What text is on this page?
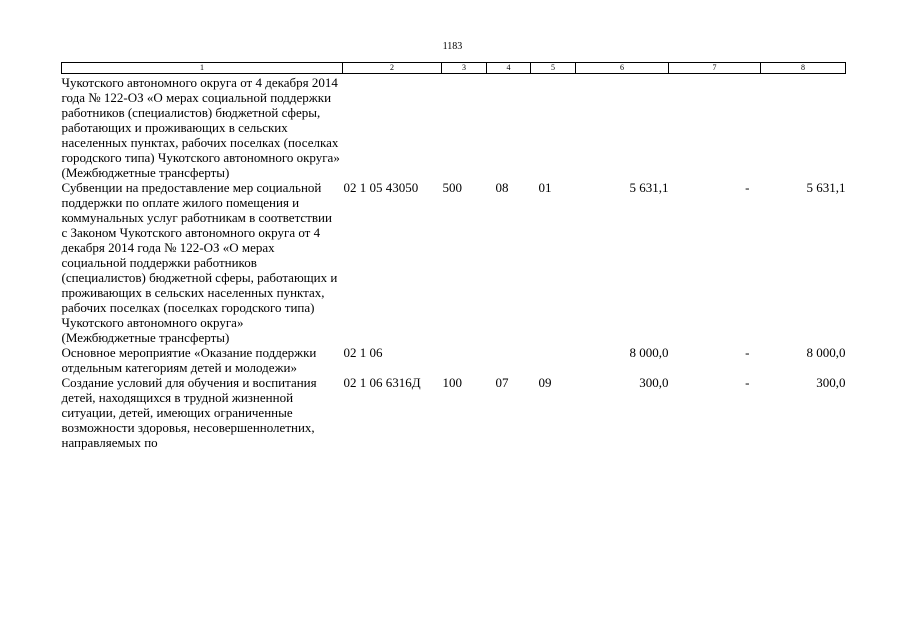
1183
1	2	3	4	5	6	7	8
Чукотского автономного округа от 4 декабря 2014 года № 122-ОЗ «О мерах социальной поддержки работников (специалистов) бюджетной сферы, работающих и проживающих в сельских населенных пунктах, рабочих поселках (поселках городского типа) Чукотского автономного округа» (Межбюджетные трансферты)							
Субвенции на предоставление мер социальной поддержки по оплате жилого помещения и коммунальных услуг работникам в соответствии с Законом Чукотского автономного округа от 4 декабря 2014 года № 122-ОЗ «О мерах социальной поддержки работников (специалистов) бюджетной сферы, работающих и проживающих в сельских населенных пунктах, рабочих поселках (поселках городского типа) Чукотского автономного округа» (Межбюджетные трансферты)	02 1 05 43050	500	08	01	5 631,1	-	5 631,1
Основное мероприятие «Оказание поддержки отдельным категориям детей и молодежи»	02 1 06				8 000,0	-	8 000,0
Создание условий для обучения и воспитания детей, находящихся в трудной жизненной ситуации, детей, имеющих ограниченные возможности здоровья, несовершеннолетних, направляемых по	02 1 06 6316Д	100	07	09	300,0	-	300,0
